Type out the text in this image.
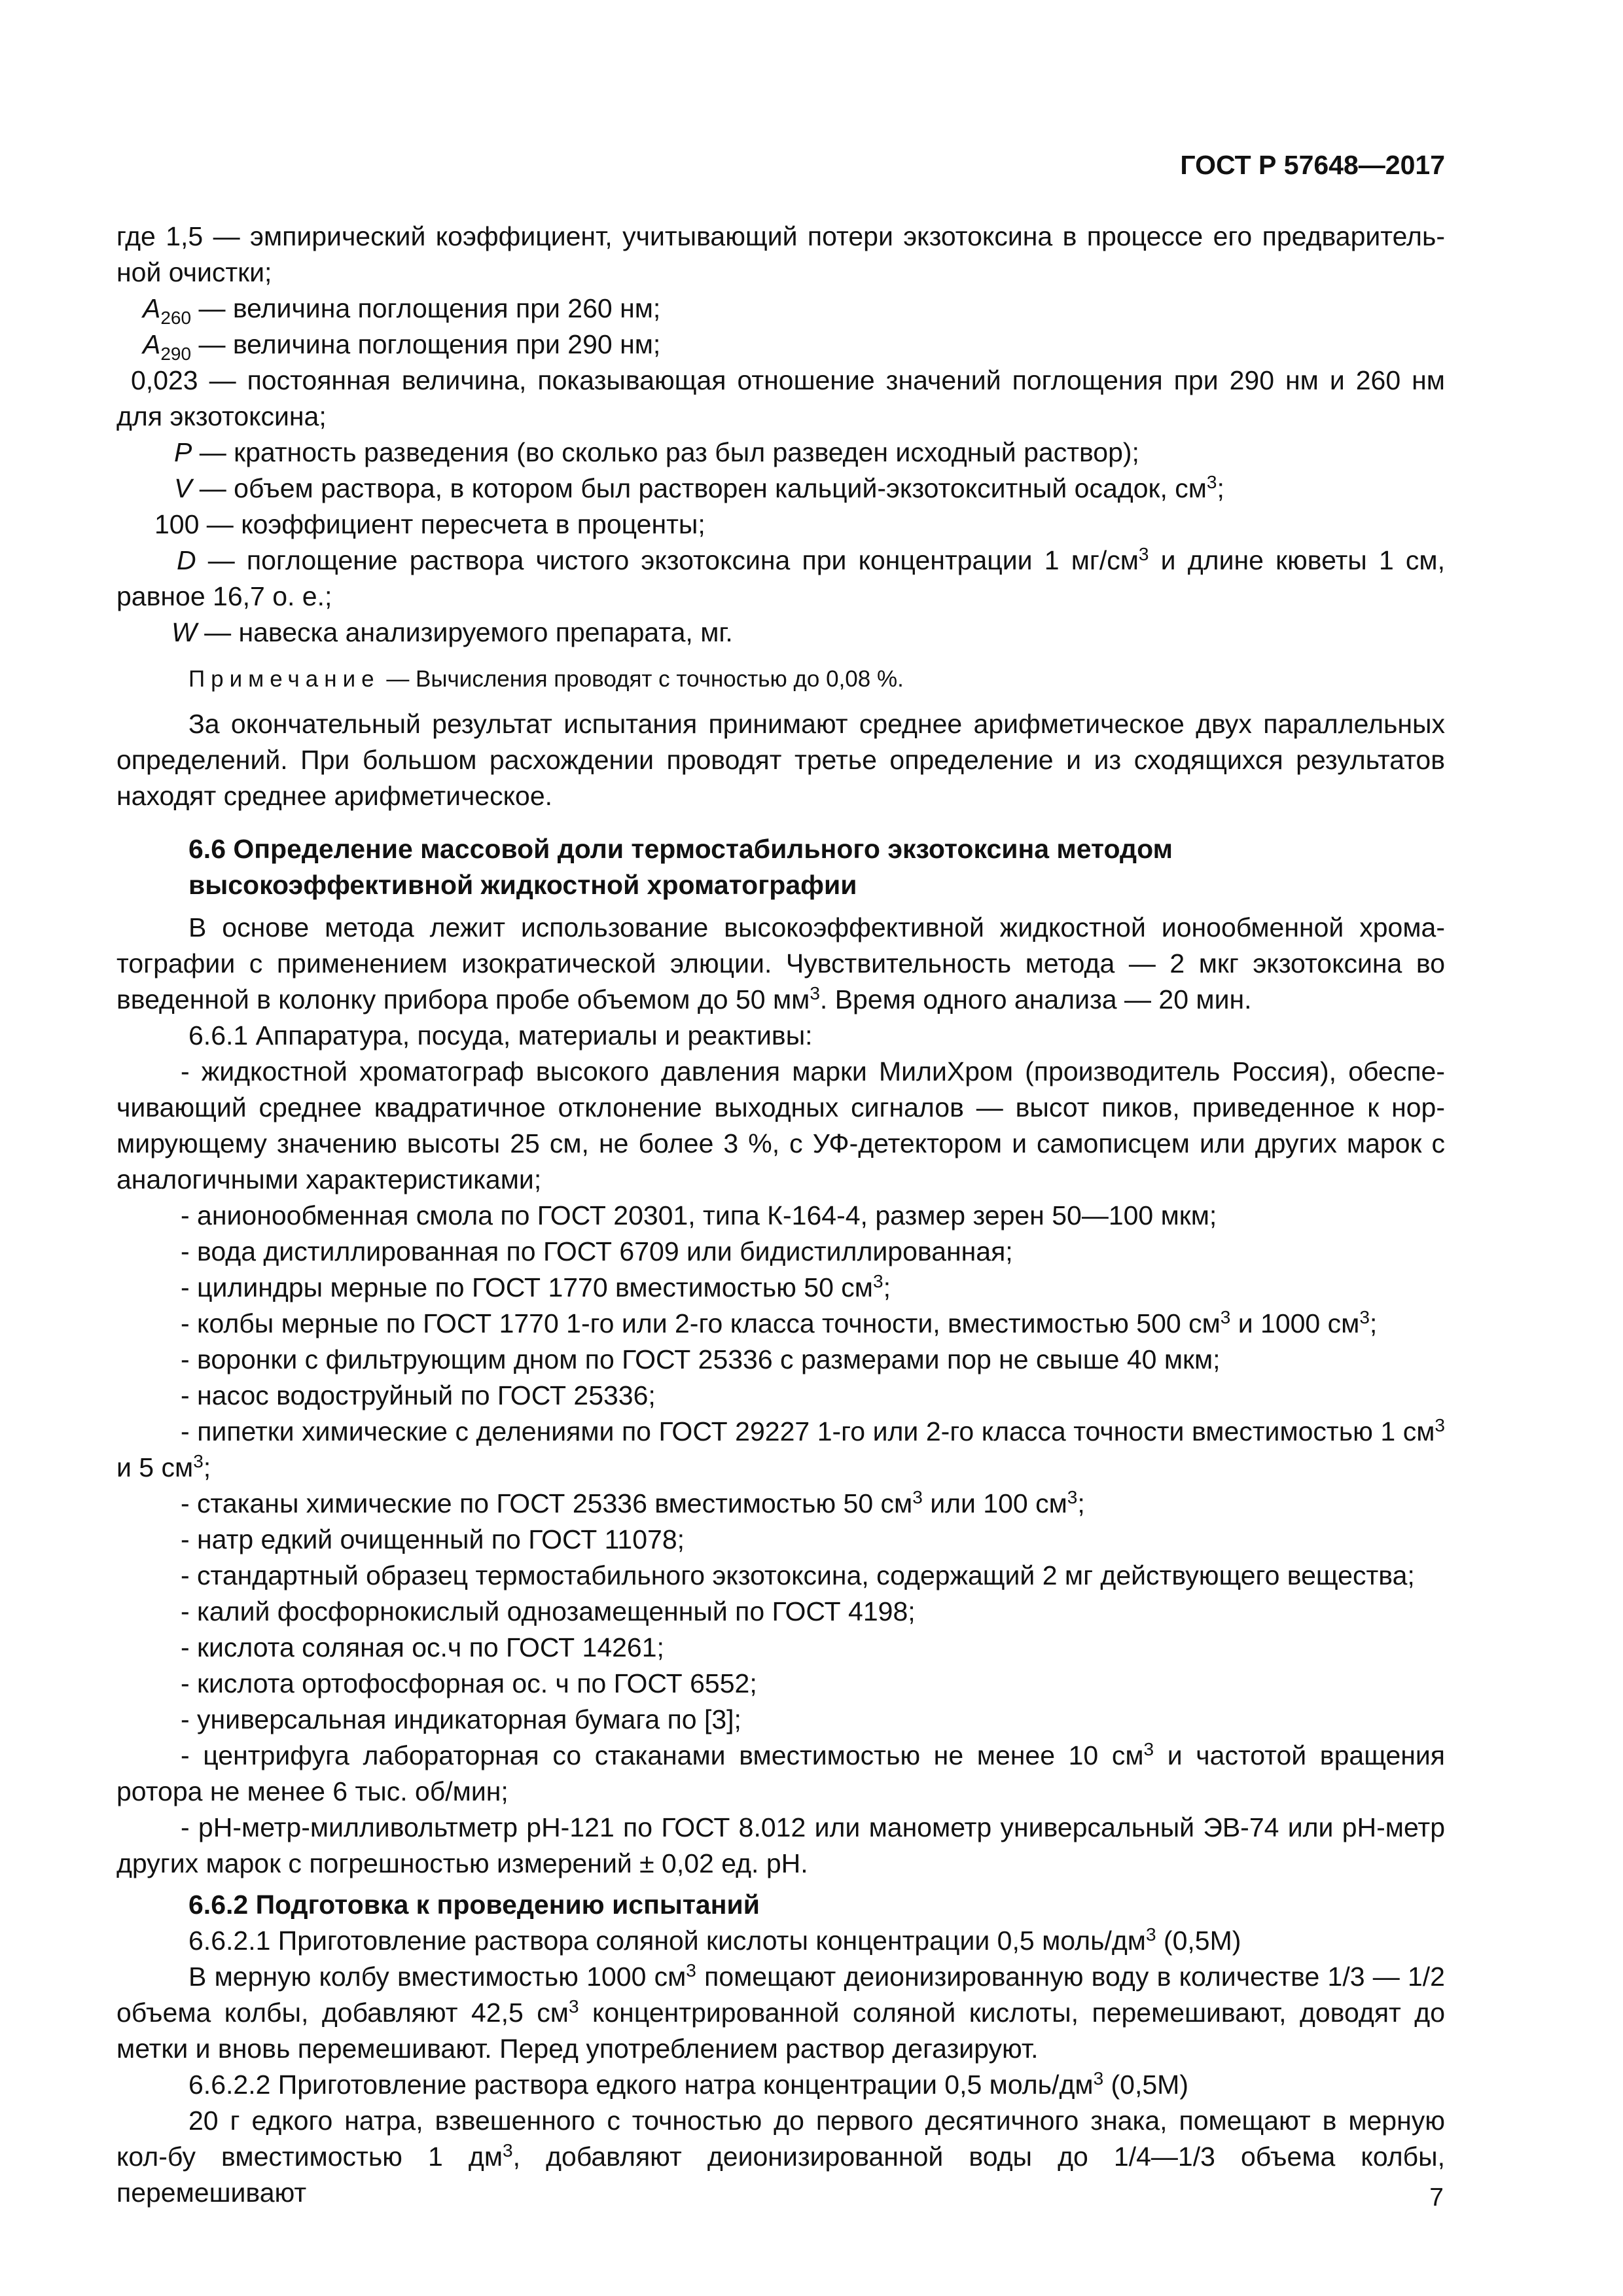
ГОСТ Р 57648—2017

где 1,5 — эмпирический коэффициент, учитывающий потери экзотоксина в процессе его предваритель-

ной очистки;

$A_{260}$ — величина поглощения при 260 нм;

$A_{290}$ — величина поглощения при 290 нм;

0,023 — постоянная величина, показывающая отношение значений поглощения при 290 нм и 260 нм

для экзотоксина;

P — кратность разведения (во сколько раз был разведен исходный раствор);

V — объем раствора, в котором был растворен кальций-экзотокситный осадок, $см^3$;

100 — коэффициент пересчета в проценты;

D — поглощение раствора чистого экзотоксина при концентрации 1 $мг/см^3$ и длине кюветы 1 см,

равное 16,7 о. е.;

W — навеска анализируемого препарата, мг.

Примечание — Вычисления проводят с точностью до 0,08 %.

За окончательный результат испытания принимают среднее арифметическое двух параллельных определений. При большом расхождении проводят третье определение и из сходящихся результатов находят среднее арифметическое.

6.6 Определение массовой доли термостабильного экзотоксина методом

высокоэффективной жидкостной хроматографии

В основе метода лежит использование высокоэффективной жидкостной ионообменной хрома-тографии с применением изократической элюции. Чувствительность метода — 2 мкг экзотоксина во введенной в колонку прибора пробе объемом до 50 $мм^3$. Время одного анализа — 20 мин.

6.6.1 Аппаратура, посуда, материалы и реактивы:

- жидкостной хроматограф высокого давления марки МилиХром (производитель Россия), обеспе-чивающий среднее квадратичное отклонение выходных сигналов — высот пиков, приведенное к нор-мирующему значению высоты 25 см, не более 3 %, с УФ-детектором и самописцем или других марок с аналогичными характеристиками;

- анионообменная смола по ГОСТ 20301, типа К-164-4, размер зерен 50—100 мкм;

- вода дистиллированная по ГОСТ 6709 или бидистиллированная;

- цилиндры мерные по ГОСТ 1770 вместимостью 50 $см^3$;

- колбы мерные по ГОСТ 1770 1-го или 2-го класса точности, вместимостью 500 $см^3$ и 1000 $см^3$;

- воронки с фильтрующим дном по ГОСТ 25336 с размерами пор не свыше 40 мкм;

- насос водоструйный по ГОСТ 25336;

- пипетки химические с делениями по ГОСТ 29227 1-го или 2-го класса точности вместимостью 1 $см^3$

и 5 $см^3$;

- стаканы химические по ГОСТ 25336 вместимостью 50 $см^3$ или 100 $см^3$;

- натр едкий очищенный по ГОСТ 11078;

- стандартный образец термостабильного экзотоксина, содержащий 2 мг действующего вещества;

- калий фосфорнокислый однозамещенный по ГОСТ 4198;

- кислота соляная ос.ч по ГОСТ 14261;

- кислота ортофосфорная ос. ч по ГОСТ 6552;

- универсальная индикаторная бумага по [3];

- центрифуга лабораторная со стаканами вместимостью не менее 10 $см^3$ и частотой вращения

ротора не менее 6 тыс. об/мин;

- рН-метр-милливольтметр рН-121 по ГОСТ 8.012 или манометр универсальный ЭВ-74 или рН-метр других марок с погрешностью измерений ± 0,02 ед. рН.

6.6.2 Подготовка к проведению испытаний

6.6.2.1 Приготовление раствора соляной кислоты концентрации 0,5 моль/$дм^3$ (0,5М)

В мерную колбу вместимостью 1000 $см^3$ помещают деионизированную воду в количестве 1/3 — 1/2 объема колбы, добавляют 42,5 $см^3$ концентрированной соляной кислоты, перемешивают, доводят до метки и вновь перемешивают. Перед употреблением раствор дегазируют.

6.6.2.2 Приготовление раствора едкого натра концентрации 0,5 моль/$дм^3$ (0,5М)

20 г едкого натра, взвешенного с точностью до первого десятичного знака, помещают в мерную кол-бу вместимостью 1 $дм^3$, добавляют деионизированной воды до 1/4—1/3 объема колбы, перемешивают	7
